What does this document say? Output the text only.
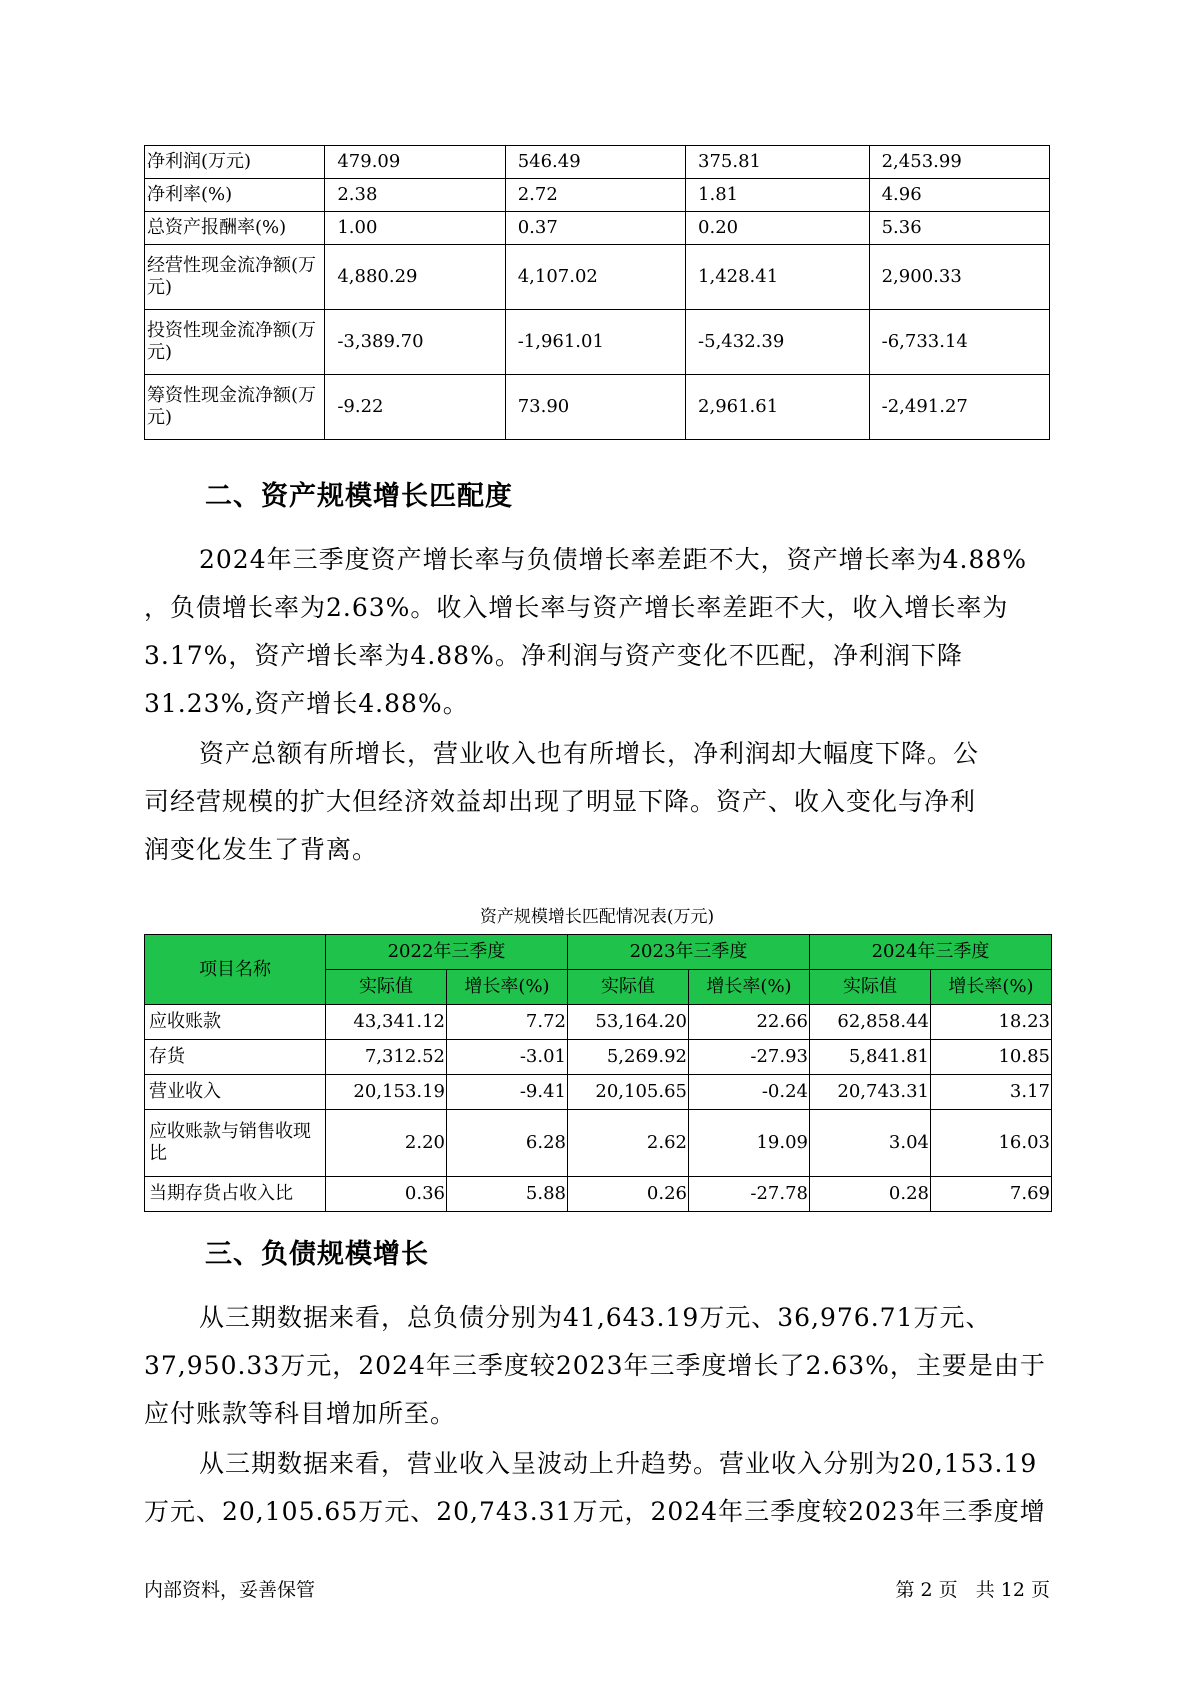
净利润(万元)	479.09	546.49	375.81	2,453.99
净利率(%)	2.38	2.72	1.81	4.96
总资产报酬率(%)	1.00	0.37	0.20	5.36
经营性现金流净额(万元)	4,880.29	4,107.02	1,428.41	2,900.33
投资性现金流净额(万元)	-3,389.70	-1,961.01	-5,432.39	-6,733.14
筹资性现金流净额(万元)	-9.22	73.90	2,961.61	-2,491.27
二、资产规模增长匹配度
2024年三季度资产增长率与负债增长率差距不大，资产增长率为4.88%
，负债增长率为2.63%。收入增长率与资产增长率差距不大，收入增长率为
3.17%，资产增长率为4.88%。净利润与资产变化不匹配，净利润下降
31.23%,资产增长4.88%。
资产总额有所增长，营业收入也有所增长，净利润却大幅度下降。公
司经营规模的扩大但经济效益却出现了明显下降。资产、收入变化与净利
润变化发生了背离。
资产规模增长匹配情况表(万元)
项目名称	2022年三季度		2023年三季度		2024年三季度	
	实际值	增长率(%)	实际值	增长率(%)	实际值	增长率(%)
应收账款	43,341.12	7.72	53,164.20	22.66	62,858.44	18.23
存货	7,312.52	-3.01	5,269.92	-27.93	5,841.81	10.85
营业收入	20,153.19	-9.41	20,105.65	-0.24	20,743.31	3.17
应收账款与销售收现比	2.20	6.28	2.62	19.09	3.04	16.03
当期存货占收入比	0.36	5.88	0.26	-27.78	0.28	7.69
三、负债规模增长
从三期数据来看，总负债分别为41,643.19万元、36,976.71万元、
37,950.33万元，2024年三季度较2023年三季度增长了2.63%，主要是由于
应付账款等科目增加所至。
从三期数据来看，营业收入呈波动上升趋势。营业收入分别为20,153.19
万元、20,105.65万元、20,743.31万元，2024年三季度较2023年三季度增
内部资料，妥善保管	第 2 页   共 12 页
